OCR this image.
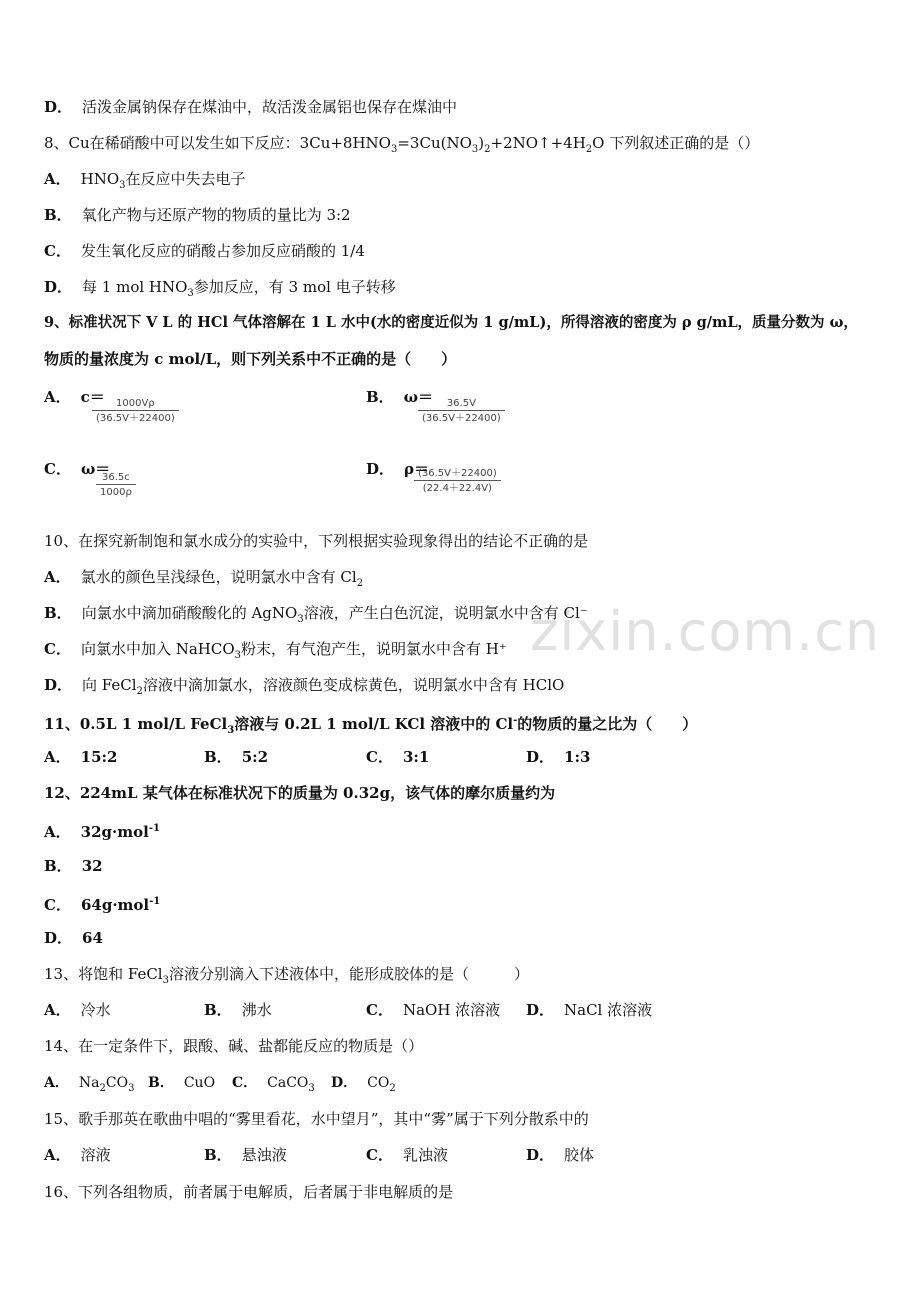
zixin.com.cn
D． 活泼金属钠保存在煤油中，故活泼金属铝也保存在煤油中
8、Cu在稀硝酸中可以发生如下反应：$3Cu+8HNO_3=3Cu(NO_3)_2+2NO↑+4H_2O$ 下列叙述正确的是（）
A． $HNO_3$在反应中失去电子
B． 氧化产物与还原产物的物质的量比为 3:2
C． 发生氧化反应的硝酸占参加反应硝酸的 1/4
D． 每 1 mol $HNO_3$参加反应，有 3 mol 电子转移
9、标准状况下 V L 的 HCl 气体溶解在 1 L 水中(水的密度近似为 1 g/mL)，所得溶液的密度为 ρ g/mL，质量分数为 ω，
物质的量浓度为 c mol/L，则下列关系中不正确的是（　　）
A． c＝
$\frac{1000V\rho}{(36.5V+22400)}$
B． ω＝
$\frac{36.5V}{(36.5V+22400)}$
C． ω＝
$\frac{36.5c}{1000\rho}$
D． ρ＝
$\frac{(36.5V+22400)}{(22.4+22.4V)}$
10、在探究新制饱和氯水成分的实验中，下列根据实验现象得出的结论不正确的是
A． 氯水的颜色呈浅绿色，说明氯水中含有 $Cl_2$
B． 向氯水中滴加硝酸酸化的 AgNO$_3$溶液，产生白色沉淀，说明氯水中含有 Cl⁻
C． 向氯水中加入 NaHCO$_3$粉末，有气泡产生，说明氯水中含有 H⁺
D． 向 FeCl$_2$溶液中滴加氯水，溶液颜色变成棕黄色，说明氯水中含有 HClO
11、0.5L 1 mol/L FeCl$_3$溶液与 0.2L 1 mol/L KCl 溶液中的 Cl-的物质的量之比为（　　）
A． 15:2	B． 5:2	C． 3:1	D． 1:3
12、224mL 某气体在标准状况下的质量为 0.32g，该气体的摩尔质量约为
A． 32g·mol$^{-1}$
B． 32
C． 64g·mol$^{-1}$
D． 64
13、将饱和 FeCl$_3$溶液分别滴入下述液体中，能形成胶体的是（　　　）
A． 冷水	B． 沸水	C． NaOH 浓溶液 D． NaCl 浓溶液
14、在一定条件下，跟酸、碱、盐都能反应的物质是（）
A． $Na_2CO_3$ B． CuO C． CaCO$_3$ D． $CO_2$
15、歌手那英在歌曲中唱的“雾里看花，水中望月”，其中“雾”属于下列分散系中的
A． 溶液	B． 悬浊液	C． 乳浊液	D． 胶体
16、下列各组物质，前者属于电解质，后者属于非电解质的是
